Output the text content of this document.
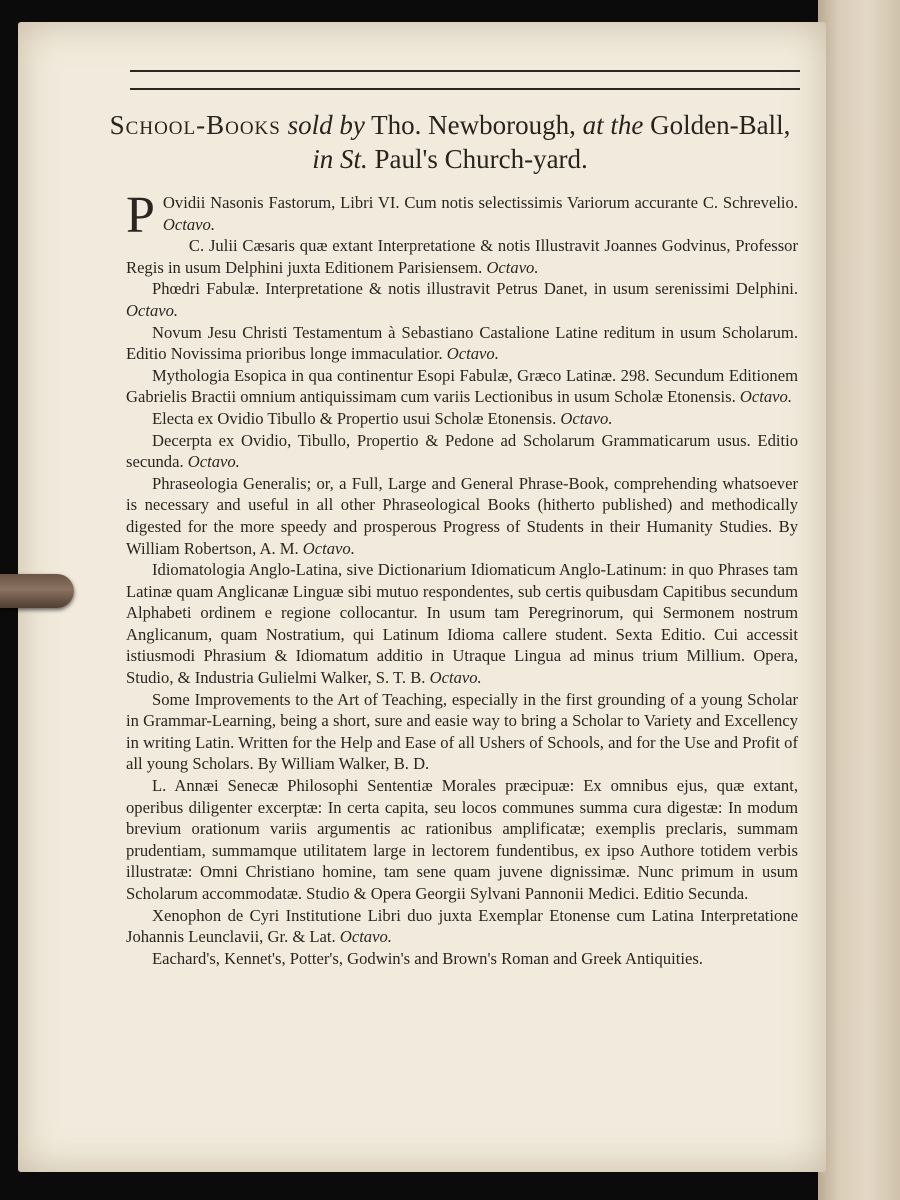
School-Books sold by Tho. Newborough, at the Golden-Ball, in St. Paul's Church-yard.

P Ovidii Nasonis Fastorum, Libri VI. Cum notis selectissimis Variorum accurante C. Schrevelio. Octavo.

C. Julii Cæsaris quæ extant Interpretatione & notis Illustravit Joannes Godvinus, Professor Regis in usum Delphini juxta Editionem Parisiensem. Octavo.

Phœdri Fabulæ. Interpretatione & notis illustravit Petrus Danet, in usum serenissimi Delphini. Octavo.

Novum Jesu Christi Testamentum à Sebastiano Castalione Latine reditum in usum Scholarum. Editio Novissima prioribus longe immaculatior. Octavo.

Mythologia Esopica in qua continentur Esopi Fabulæ, Græco Latinæ. 298. Secundum Editionem Gabrielis Bractii omnium antiquissimam cum variis Lectionibus in usum Scholæ Etonensis. Octavo.

Electa ex Ovidio Tibullo & Propertio usui Scholæ Etonensis. Octavo.

Decerpta ex Ovidio, Tibullo, Propertio & Pedone ad Scholarum Grammaticarum usus. Editio secunda. Octavo.

Phraseologia Generalis; or, a Full, Large and General Phrase-Book, comprehending whatsoever is necessary and useful in all other Phraseological Books (hitherto published) and methodically digested for the more speedy and prosperous Progress of Students in their Humanity Studies. By William Robertson, A. M. Octavo.

Idiomatologia Anglo-Latina, sive Dictionarium Idiomaticum Anglo-Latinum: in quo Phrases tam Latinæ quam Anglicanæ Linguæ sibi mutuo respondentes, sub certis quibusdam Capitibus secundum Alphabeti ordinem e regione collocantur. In usum tam Peregrinorum, qui Sermonem nostrum Anglicanum, quam Nostratium, qui Latinum Idioma callere student. Sexta Editio. Cui accessit istiusmodi Phrasium & Idiomatum additio in Utraque Lingua ad minus trium Millium. Opera, Studio, & Industria Gulielmi Walker, S. T. B. Octavo.

Some Improvements to the Art of Teaching, especially in the first grounding of a young Scholar in Grammar-Learning, being a short, sure and easie way to bring a Scholar to Variety and Excellency in writing Latin. Written for the Help and Ease of all Ushers of Schools, and for the Use and Profit of all young Scholars. By William Walker, B. D.

L. Annæi Senecæ Philosophi Sententiæ Morales præcipuæ: Ex omnibus ejus, quæ extant, operibus diligenter excerptæ: In certa capita, seu locos communes summa cura digestæ: In modum brevium orationum variis argumentis ac rationibus amplificatæ; exemplis preclaris, summam prudentiam, summamque utilitatem large in lectorem fundentibus, ex ipso Authore totidem verbis illustratæ: Omni Christiano homine, tam sene quam juvene dignissimæ. Nunc primum in usum Scholarum accommodatæ. Studio & Opera Georgii Sylvani Pannonii Medici. Editio Secunda.

Xenophon de Cyri Institutione Libri duo juxta Exemplar Etonense cum Latina Interpretatione Johannis Leunclavii, Gr. & Lat. Octavo.

Eachard's, Kennet's, Potter's, Godwin's and Brown's Roman and Greek Antiquities.
